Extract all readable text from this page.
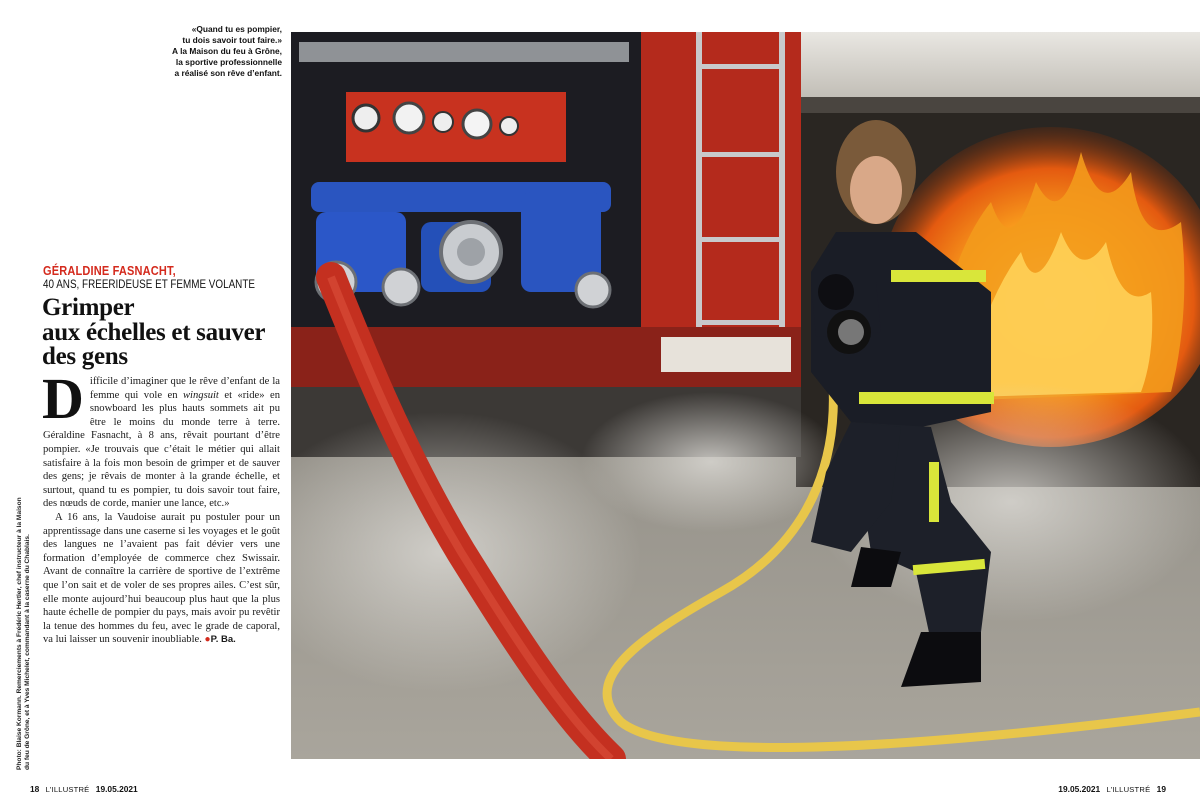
«Quand tu es pompier,
tu dois savoir tout faire.»
A la Maison du feu à Grône,
la sportive professionnelle
a réalisé son rêve d’enfant.
Photo: Blaise Kormann. Remerciements à Frédéric Hertler, chef instructeur à la Maison du feu de Grône, et à Yves Michelet, commandant à la caserne du Chablais.
GÉRALDINE FASNACHT,
40 ANS, FREERIDEUSE ET FEMME VOLANTE
Grimper
aux échelles et sauver
des gens

Difficile d’imaginer que le rêve d’enfant de la femme qui vole en wingsuit et «ride» en snowboard les plus hauts sommets ait pu être le moins du monde terre à terre. Géraldine Fasnacht, à 8 ans, rêvait pourtant d’être pompier. «Je trouvais que c’était le métier qui allait satisfaire à la fois mon besoin de grimper et de sauver des gens; je rêvais de monter à la grande échelle, et surtout, quand tu es pompier, tu dois savoir tout faire, des nœuds de corde, manier une lance, etc.»

A 16 ans, la Vaudoise aurait pu postuler pour un apprentissage dans une caserne si les voyages et le goût des langues ne l’avaient pas fait dévier vers une formation d’employée de commerce chez Swissair. Avant de connaître la carrière de sportive de l’extrême que l’on sait et de voler de ses propres ailes. C’est sûr, elle monte aujourd’hui beaucoup plus haut que la plus haute échelle de pompier du pays, mais avoir pu revêtir la tenue des hommes du feu, avec le grade de caporal, va lui laisser un souvenir inoubliable. ●P. Ba.

18 L’ILLUSTRÉ 19.05.2021	19.05.2021 L’ILLUSTRÉ 19
